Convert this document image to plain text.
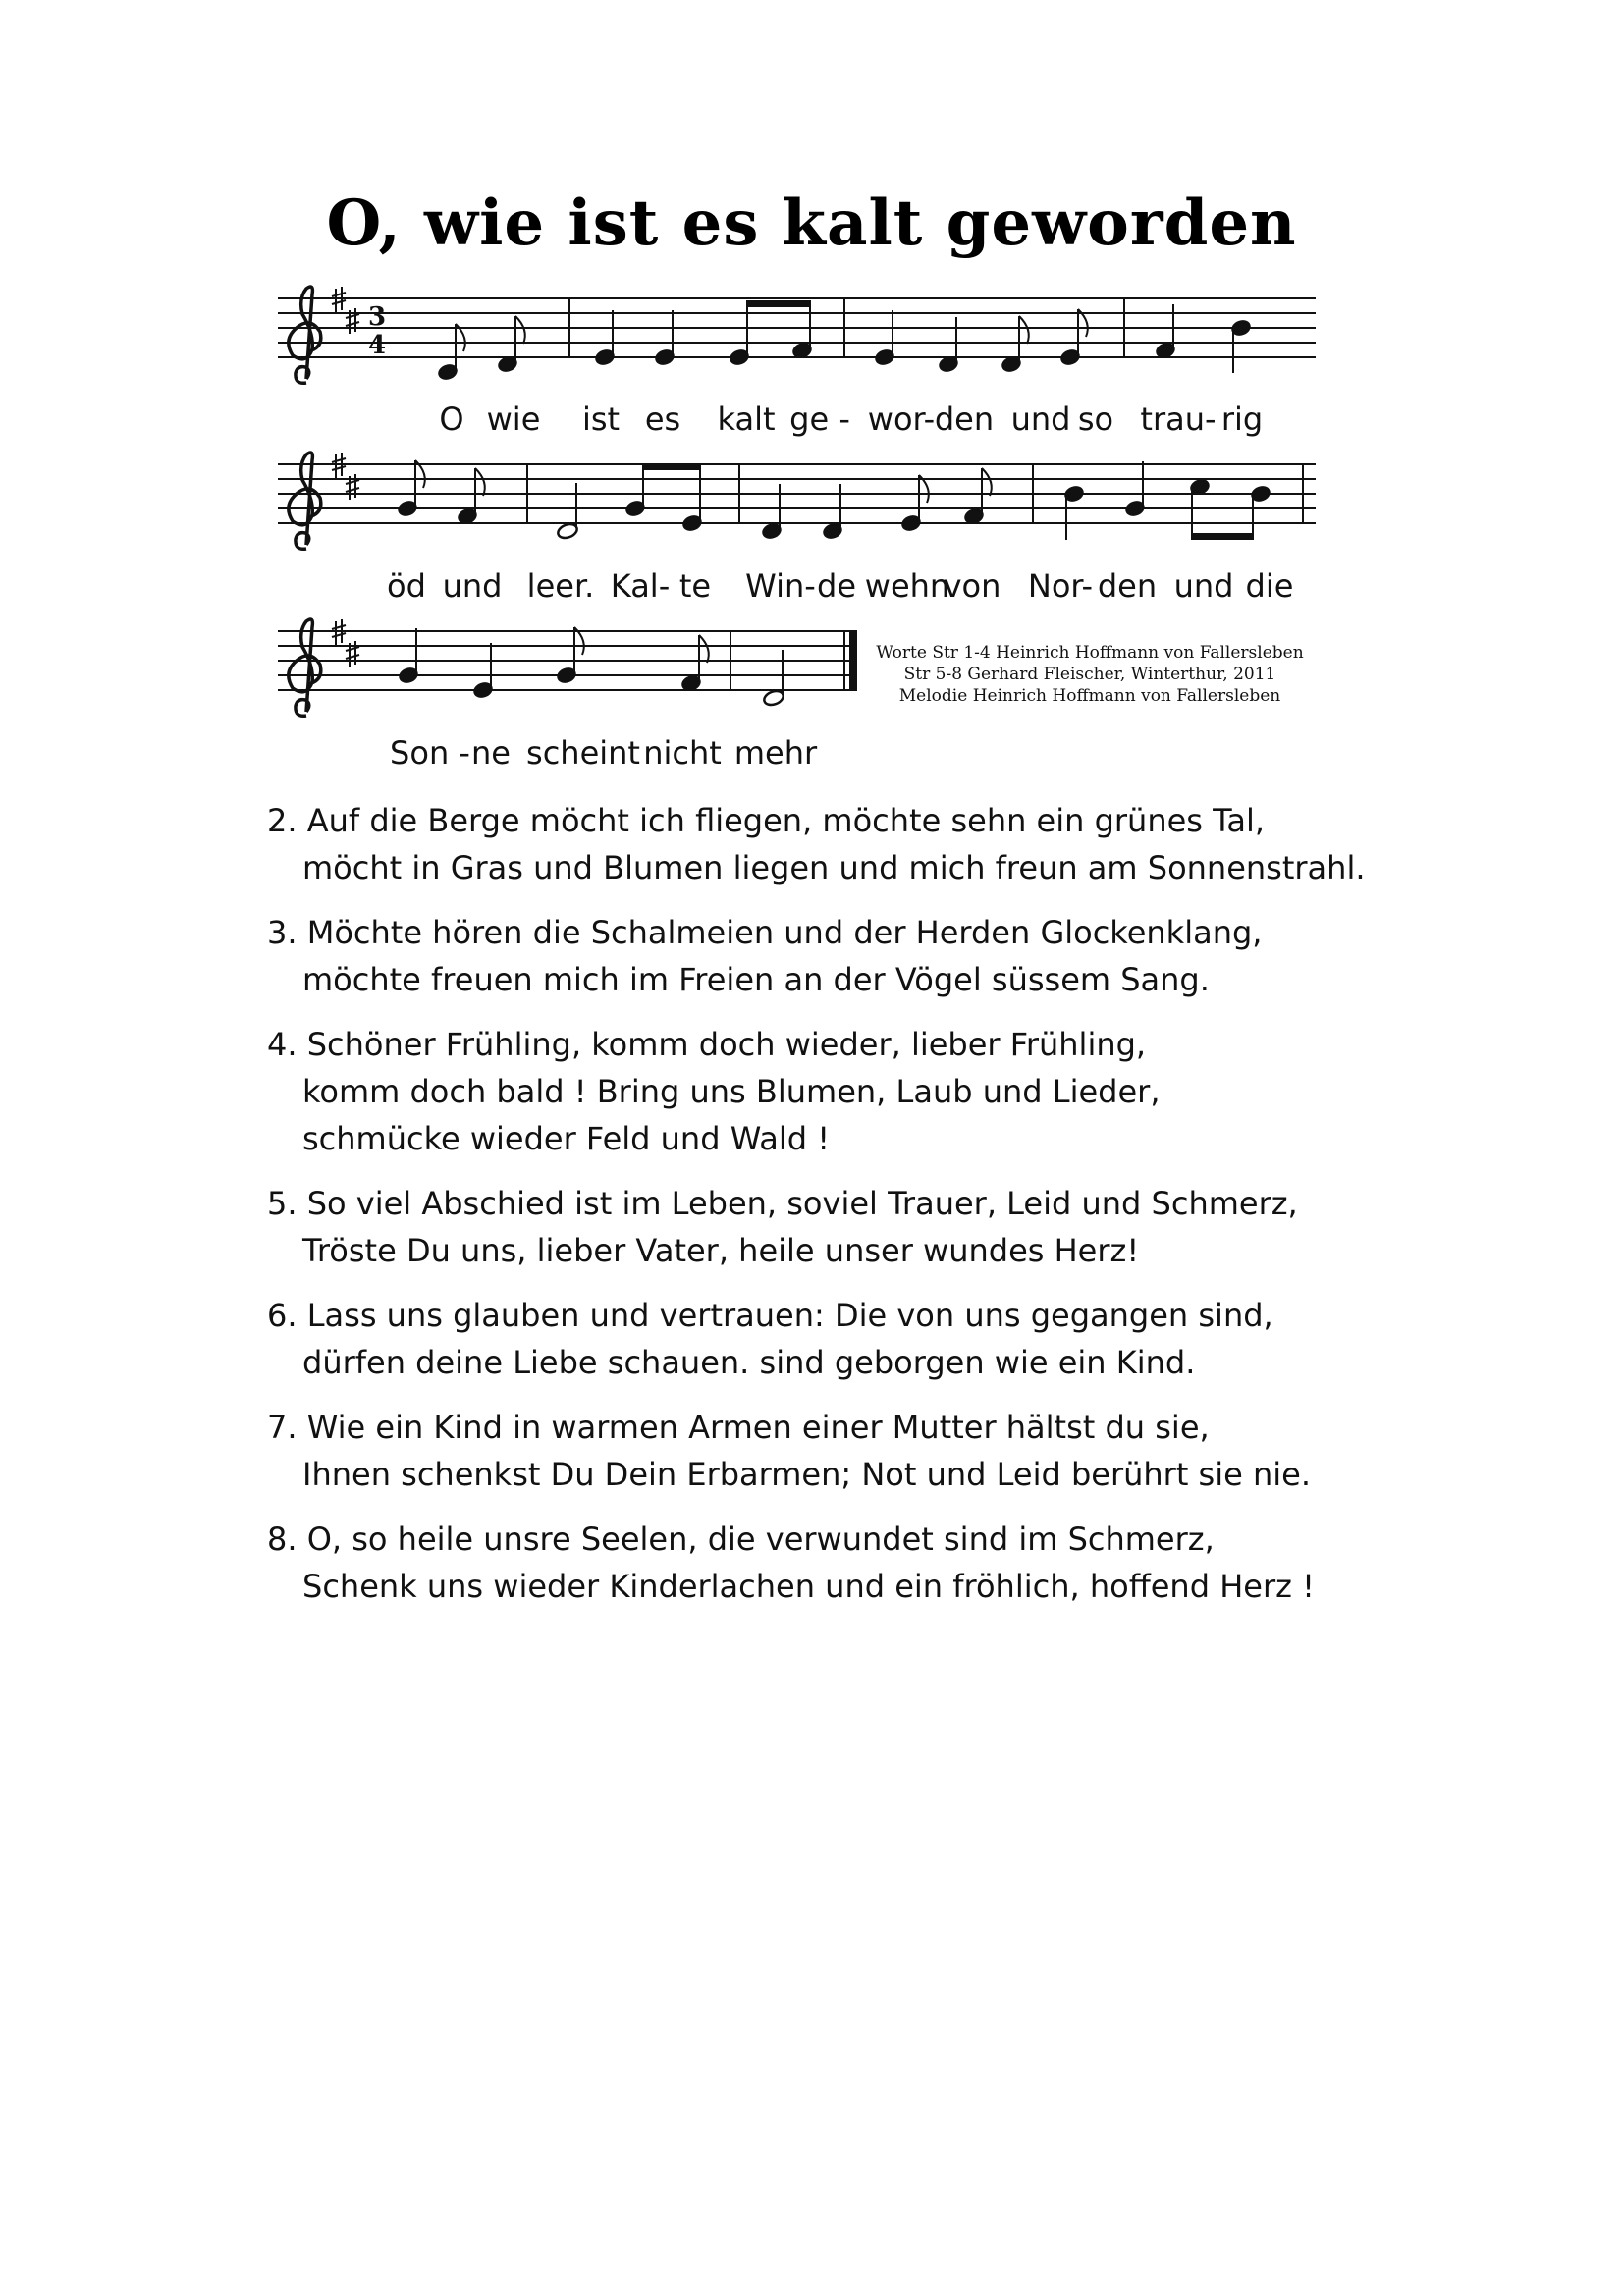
O, wie ist es kalt geworden
3
4
O wie ist es kalt ge - wor- den und so trau- rig
öd und leer. Kal- te Win- de wehn
von Nor- den und die
Worte Str 1-4 Heinrich Hoffmann von Fallersleben
Str 5-8 Gerhard Fleischer, Winterthur, 2011
Melodie Heinrich Hoffmann von Fallersleben
Son - ne scheint nicht mehr
2. Auf die Berge möcht ich fliegen, möchte sehn ein grünes Tal,
möcht in Gras und Blumen liegen und mich freun am Sonnenstrahl.
3. Möchte hören die Schalmeien und der Herden Glockenklang,
möchte freuen mich im Freien an der Vögel süssem Sang.
4. Schöner Frühling, komm doch wieder, lieber Frühling,
komm doch bald ! Bring uns Blumen, Laub und Lieder,
schmücke wieder Feld und Wald !
5. So viel Abschied ist im Leben, soviel Trauer, Leid und Schmerz,
Tröste Du uns, lieber Vater, heile unser wundes Herz!
6. Lass uns glauben und vertrauen: Die von uns gegangen sind,
dürfen deine Liebe schauen. sind geborgen wie ein Kind.
7. Wie ein Kind in warmen Armen einer Mutter hältst du sie,
Ihnen schenkst Du Dein Erbarmen; Not und Leid berührt sie nie.
8. O, so heile unsre Seelen, die verwundet sind im Schmerz,
Schenk uns wieder Kinderlachen und ein fröhlich, hoffend Herz !
